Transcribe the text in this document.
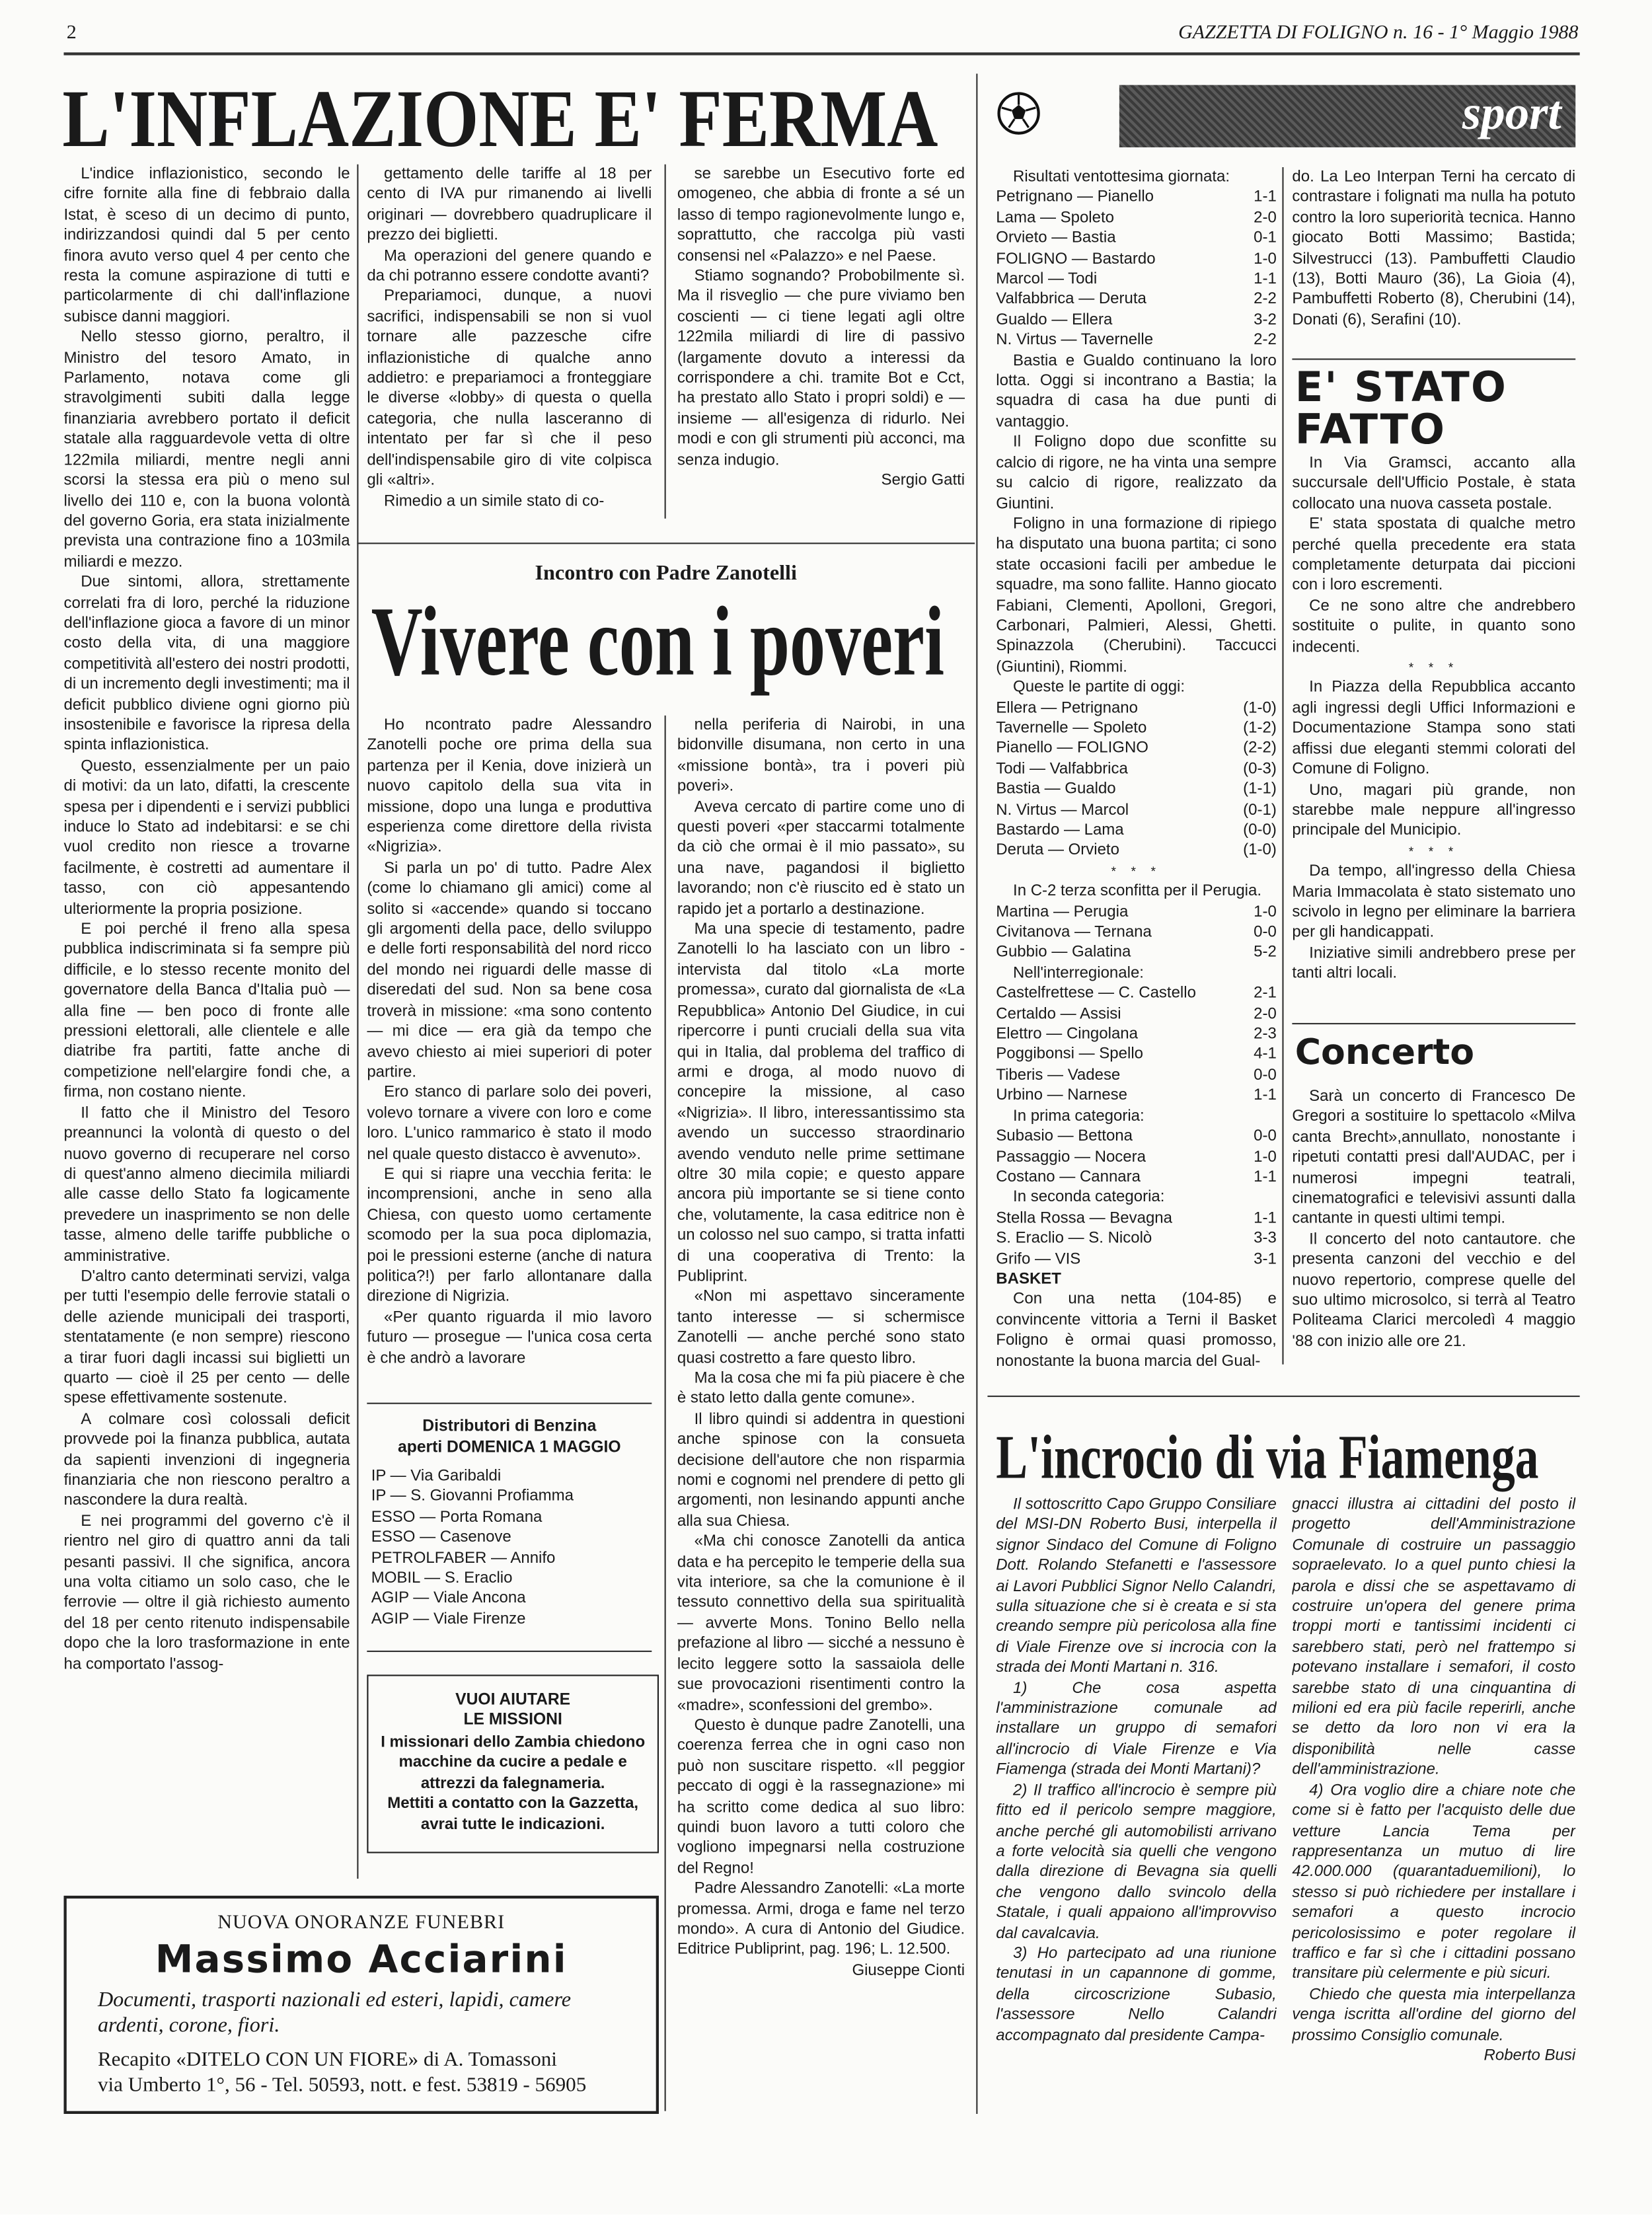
2	GAZZETTA DI FOLIGNO n. 16 - 1° Maggio 1988
L'INFLAZIONE E' FERMA

L'indice inflazionistico, secondo le cifre fornite alla fine di febbraio dalla Istat, è sceso di un decimo di punto, indirizzandosi quindi dal 5 per cento finora avuto verso quel 4 per cento che resta la comune aspirazione di tutti e particolarmente di chi dall'inflazione subisce danni maggiori.

Nello stesso giorno, peraltro, il Ministro del tesoro Amato, in Parlamento, notava come gli stravolgimenti subiti dalla legge finanziaria avrebbero portato il deficit statale alla ragguardevole vetta di oltre 122mila miliardi, mentre negli anni scorsi la stessa era più o meno sul livello dei 110 e, con la buona volontà del governo Goria, era stata inizialmente prevista una contrazione fino a 103mila miliardi e mezzo.

Due sintomi, allora, strettamente correlati fra di loro, perché la riduzione dell'inflazione gioca a favore di un minor costo della vita, di una maggiore competitività all'estero dei nostri prodotti, di un incremento degli investimenti; ma il deficit pubblico diviene ogni giorno più insostenibile e favorisce la ripresa della spinta inflazionistica.

Questo, essenzialmente per un paio di motivi: da un lato, difatti, la crescente spesa per i dipendenti e i servizi pubblici induce lo Stato ad indebitarsi: e se chi vuol credito non riesce a trovarne facilmente, è costretti ad aumentare il tasso, con ciò appesantendo ulteriormente la propria posizione.

E poi perché il freno alla spesa pubblica indiscriminata si fa sempre più difficile, e lo stesso recente monito del governatore della Banca d'Italia può — alla fine — ben poco di fronte alle pressioni elettorali, alle clientele e alle diatribe fra partiti, fatte anche di competizione nell'elargire fondi che, a firma, non costano niente.

Il fatto che il Ministro del Tesoro preannunci la volontà di questo o del nuovo governo di recuperare nel corso di quest'anno almeno diecimila miliardi alle casse dello Stato fa logicamente prevedere un inasprimento se non delle tasse, almeno delle tariffe pubbliche o amministrative.

D'altro canto determinati servizi, valga per tutti l'esempio delle ferrovie statali o delle aziende municipali dei trasporti, stentatamente (e non sempre) riescono a tirar fuori dagli incassi sui biglietti un quarto — cioè il 25 per cento — delle spese effettivamente sostenute.

A colmare così colossali deficit provvede poi la finanza pubblica, autata da sapienti invenzioni di ingegneria finanziaria che non riescono peraltro a nascondere la dura realtà.

E nei programmi del governo c'è il rientro nel giro di quattro anni da tali pesanti passivi. Il che significa, ancora una volta citiamo un solo caso, che le ferrovie — oltre il già richiesto aumento del 18 per cento ritenuto indispensabile dopo che la loro trasformazione in ente ha comportato l'assog-

gettamento delle tariffe al 18 per cento di IVA pur rimanendo ai livelli originari — dovrebbero quadruplicare il prezzo dei biglietti.

Ma operazioni del genere quando e da chi potranno essere condotte avanti?

Prepariamoci, dunque, a nuovi sacrifici, indispensabili se non si vuol tornare alle pazzesche cifre inflazionistiche di qualche anno addietro: e prepariamoci a fronteggiare le diverse «lobby» di questa o quella categoria, che nulla lasceranno di intentato per far sì che il peso dell'indispensabile giro di vite colpisca gli «altri».

Rimedio a un simile stato di co-

se sarebbe un Esecutivo forte ed omogeneo, che abbia di fronte a sé un lasso di tempo ragionevolmente lungo e, soprattutto, che raccolga più vasti consensi nel «Palazzo» e nel Paese.

Stiamo sognando? Probobilmente sì. Ma il risveglio — che pure viviamo ben coscienti — ci tiene legati agli oltre 122mila miliardi di lire di passivo (largamente dovuto a interessi da corrispondere a chi. tramite Bot e Cct, ha prestato allo Stato i propri soldi) e — insieme — all'esigenza di ridurlo. Nei modi e con gli strumenti più acconci, ma senza indugio.

Sergio Gatti

Incontro con Padre Zanotelli
Vivere con i poveri

Ho ncontrato padre Alessandro Zanotelli poche ore prima della sua partenza per il Kenia, dove inizierà un nuovo capitolo della sua vita in missione, dopo una lunga e produttiva esperienza come direttore della rivista «Nigrizia».

Si parla un po' di tutto. Padre Alex (come lo chiamano gli amici) come al solito si «accende» quando si toccano gli argomenti della pace, dello sviluppo e delle forti responsabilità del nord ricco del mondo nei riguardi delle masse di diseredati del sud. Non sa bene cosa troverà in missione: «ma sono contento — mi dice — era già da tempo che avevo chiesto ai miei superiori di poter partire.

Ero stanco di parlare solo dei poveri, volevo tornare a vivere con loro e come loro. L'unico rammarico è stato il modo nel quale questo distacco è avvenuto».

E qui si riapre una vecchia ferita: le incomprensioni, anche in seno alla Chiesa, con questo uomo certamente scomodo per la sua poca diplomazia, poi le pressioni esterne (anche di natura politica?!) per farlo allontanare dalla direzione di Nigrizia.

«Per quanto riguarda il mio lavoro futuro — prosegue — l'unica cosa certa è che andrò a lavorare

nella periferia di Nairobi, in una bidonville disumana, non certo in una «missione bontà», tra i poveri più poveri».

Aveva cercato di partire come uno di questi poveri «per staccarmi totalmente da ciò che ormai è il mio passato», su una nave, pagandosi il biglietto lavorando; non c'è riuscito ed è stato un rapido jet a portarlo a destinazione.

Ma una specie di testamento, padre Zanotelli lo ha lasciato con un libro - intervista dal titolo «La morte promessa», curato dal giornalista de «La Repubblica» Antonio Del Giudice, in cui ripercorre i punti cruciali della sua vita qui in Italia, dal problema del traffico di armi e droga, al modo nuovo di concepire la missione, al caso «Nigrizia». Il libro, interessantissimo sta avendo un successo straordinario avendo venduto nelle prime settimane oltre 30 mila copie; e questo appare ancora più importante se si tiene conto che, volutamente, la casa editrice non è un colosso nel suo campo, si tratta infatti di una cooperativa di Trento: la Publiprint.

«Non mi aspettavo sinceramente tanto interesse — si schermisce Zanotelli — anche perché sono stato quasi costretto a fare questo libro.

Ma la cosa che mi fa più piacere è che è stato letto dalla gente comune».

Il libro quindi si addentra in questioni anche spinose con la consueta decisione dell'autore che non risparmia nomi e cognomi nel prendere di petto gli argomenti, non lesinando appunti anche alla sua Chiesa.

«Ma chi conosce Zanotelli da antica data e ha percepito le temperie della sua vita interiore, sa che la comunione è il tessuto connettivo della sua spiritualità — avverte Mons. Tonino Bello nella prefazione al libro — sicché a nessuno è lecito leggere sotto la sassaiola delle sue provocazioni risentimenti contro la «madre», sconfessioni del grembo».

Questo è dunque padre Zanotelli, una coerenza ferrea che in ogni caso non può non suscitare rispetto. «Il peggior peccato di oggi è la rassegnazione» mi ha scritto come dedica al suo libro: quindi buon lavoro a tutti coloro che vogliono impegnarsi nella costruzione del Regno!

Padre Alessandro Zanotelli: «La morte promessa. Armi, droga e fame nel terzo mondo». A cura di Antonio del Giudice. Editrice Publiprint, pag. 196; L. 12.500.

Giuseppe Cionti

Distributori di Benzina
aperti DOMENICA 1 MAGGIO

IP — Via Garibaldi

IP — S. Giovanni Profiamma

ESSO — Porta Romana

ESSO — Casenove

PETROLFABER — Annifo

MOBIL — S. Eraclio

AGIP — Viale Ancona

AGIP — Viale Firenze

VUOI AIUTARE
LE MISSIONI
I missionari dello Zambia chiedono macchine da cucire a pedale e attrezzi da falegnameria.
Mettiti a contatto con la Gazzetta, avrai tutte le indicazioni.
NUOVA ONORANZE FUNEBRI
Massimo Acciarini
Documenti, trasporti nazionali ed esteri, lapidi, camere ardenti, corone, fiori.
Recapito «DITELO CON UN FIORE» di A. Tomassoni
via Umberto 1°, 56 - Tel. 50593, nott. e fest. 53819 - 56905
sport

Risultati ventottesima giornata:

Petrignano — Pianello	1-1

Lama — Spoleto	2-0

Orvieto — Bastia	0-1

FOLIGNO — Bastardo	1-0

Marcol — Todi	1-1

Valfabbrica — Deruta	2-2

Gualdo — Ellera	3-2

N. Virtus — Tavernelle	2-2

Bastia e Gualdo continuano la loro lotta. Oggi si incontrano a Bastia; la squadra di casa ha due punti di vantaggio.

Il Foligno dopo due sconfitte su calcio di rigore, ne ha vinta una sempre su calcio di rigore, realizzato da Giuntini.

Foligno in una formazione di ripiego ha disputato una buona partita; ci sono state occasioni facili per ambedue le squadre, ma sono fallite. Hanno giocato Fabiani, Clementi, Apolloni, Gregori, Carbonari, Palmieri, Alessi, Ghetti. Spinazzola (Cherubini). Taccucci (Giuntini), Riommi.

Queste le partite di oggi:

Ellera — Petrignano	(1-0)

Tavernelle — Spoleto	(1-2)

Pianello — FOLIGNO	(2-2)

Todi — Valfabbrica	(0-3)

Bastia — Gualdo	(1-1)

N. Virtus — Marcol	(0-1)

Bastardo — Lama	(0-0)

Deruta — Orvieto	(1-0)

* * *

In C-2 terza sconfitta per il Perugia.

Martina — Perugia	1-0

Civitanova — Ternana	0-0

Gubbio — Galatina	5-2

Nell'interregionale:

Castelfrettese — C. Castello	2-1

Certaldo — Assisi	2-0

Elettro — Cingolana	2-3

Poggibonsi — Spello	4-1

Tiberis — Vadese	0-0

Urbino — Narnese	1-1

In prima categoria:

Subasio — Bettona	0-0

Passaggio — Nocera	1-0

Costano — Cannara	1-1

In seconda categoria:

Stella Rossa — Bevagna	1-1

S. Eraclio — S. Nicolò	3-3

Grifo — VIS	3-1

BASKET

Con una netta (104-85) e convincente vittoria a Terni il Basket Foligno è ormai quasi promosso, nonostante la buona marcia del Gual-

do. La Leo Interpan Terni ha cercato di contrastare i folignati ma nulla ha potuto contro la loro superiorità tecnica. Hanno giocato Botti Massimo; Bastida; Silvestrucci (13). Pambuffetti Claudio (13), Botti Mauro (36), La Gioia (4), Pambuffetti Roberto (8), Cherubini (14), Donati (6), Serafini (10).

E' STATO
FATTO

In Via Gramsci, accanto alla succursale dell'Ufficio Postale, è stata collocato una nuova casseta postale.

E' stata spostata di qualche metro perché quella precedente era stata completamente deturpata dai piccioni con i loro escrementi.

Ce ne sono altre che andrebbero sostituite o pulite, in quanto sono indecenti.

* * *

In Piazza della Repubblica accanto agli ingressi degli Uffici Informazioni e Documentazione Stampa sono stati affissi due eleganti stemmi colorati del Comune di Foligno.

Uno, magari più grande, non starebbe male neppure all'ingresso principale del Municipio.

* * *

Da tempo, all'ingresso della Chiesa Maria Immacolata è stato sistemato uno scivolo in legno per eliminare la barriera per gli handicappati.

Iniziative simili andrebbero prese per tanti altri locali.

Concerto

Sarà un concerto di Francesco De Gregori a sostituire lo spettacolo «Milva canta Brecht»,annullato, nonostante i ripetuti contatti presi dall'AUDAC, per i numerosi impegni teatrali, cinematografici e televisivi assunti dalla cantante in questi ultimi tempi.

Il concerto del noto cantautore. che presenta canzoni del vecchio e del nuovo repertorio, comprese quelle del suo ultimo microsolco, si terrà al Teatro Politeama Clarici mercoledì 4 maggio '88 con inizio alle ore 21.

L'incrocio di via Fiamenga

Il sottoscritto Capo Gruppo Consiliare del MSI-DN Roberto Busi, interpella il signor Sindaco del Comune di Foligno Dott. Rolando Stefanetti e l'assessore ai Lavori Pubblici Signor Nello Calandri, sulla situazione che si è creata e si sta creando sempre più pericolosa alla fine di Viale Firenze ove si incrocia con la strada dei Monti Martani n. 316.

1) Che cosa aspetta l'amministrazione comunale ad installare un gruppo di semafori all'incrocio di Viale Firenze e Via Fiamenga (strada dei Monti Martani)?

2) Il traffico all'incrocio è sempre più fitto ed il pericolo sempre maggiore, anche perché gli automobilisti arrivano a forte velocità sia quelli che vengono dalla direzione di Bevagna sia quelli che vengono dallo svincolo della Statale, i quali appaiono all'improvviso dal cavalcavia.

3) Ho partecipato ad una riunione tenutasi in un capannone di gomme, della circoscrizione Subasio, l'assessore Nello Calandri accompagnato dal presidente Campa-

gnacci illustra ai cittadini del posto il progetto dell'Amministrazione Comunale di costruire un passaggio sopraelevato. Io a quel punto chiesi la parola e dissi che se aspettavamo di costruire un'opera del genere prima troppi morti e tantissimi incidenti ci sarebbero stati, però nel frattempo si potevano installare i semafori, il costo sarebbe stato di una cinquantina di milioni ed era più facile reperirli, anche se detto da loro non vi era la disponibilità nelle casse dell'amministrazione.

4) Ora voglio dire a chiare note che come si è fatto per l'acquisto delle due vetture Lancia Tema per rappresentanza un mutuo di lire 42.000.000 (quarantaduemilioni), lo stesso si può richiedere per installare i semafori a questo incrocio pericolosissimo e poter regolare il traffico e far sì che i cittadini possano transitare più celermente e più sicuri.

Chiedo che questa mia interpellanza venga iscritta all'ordine del giorno del prossimo Consiglio comunale.

Roberto Busi
